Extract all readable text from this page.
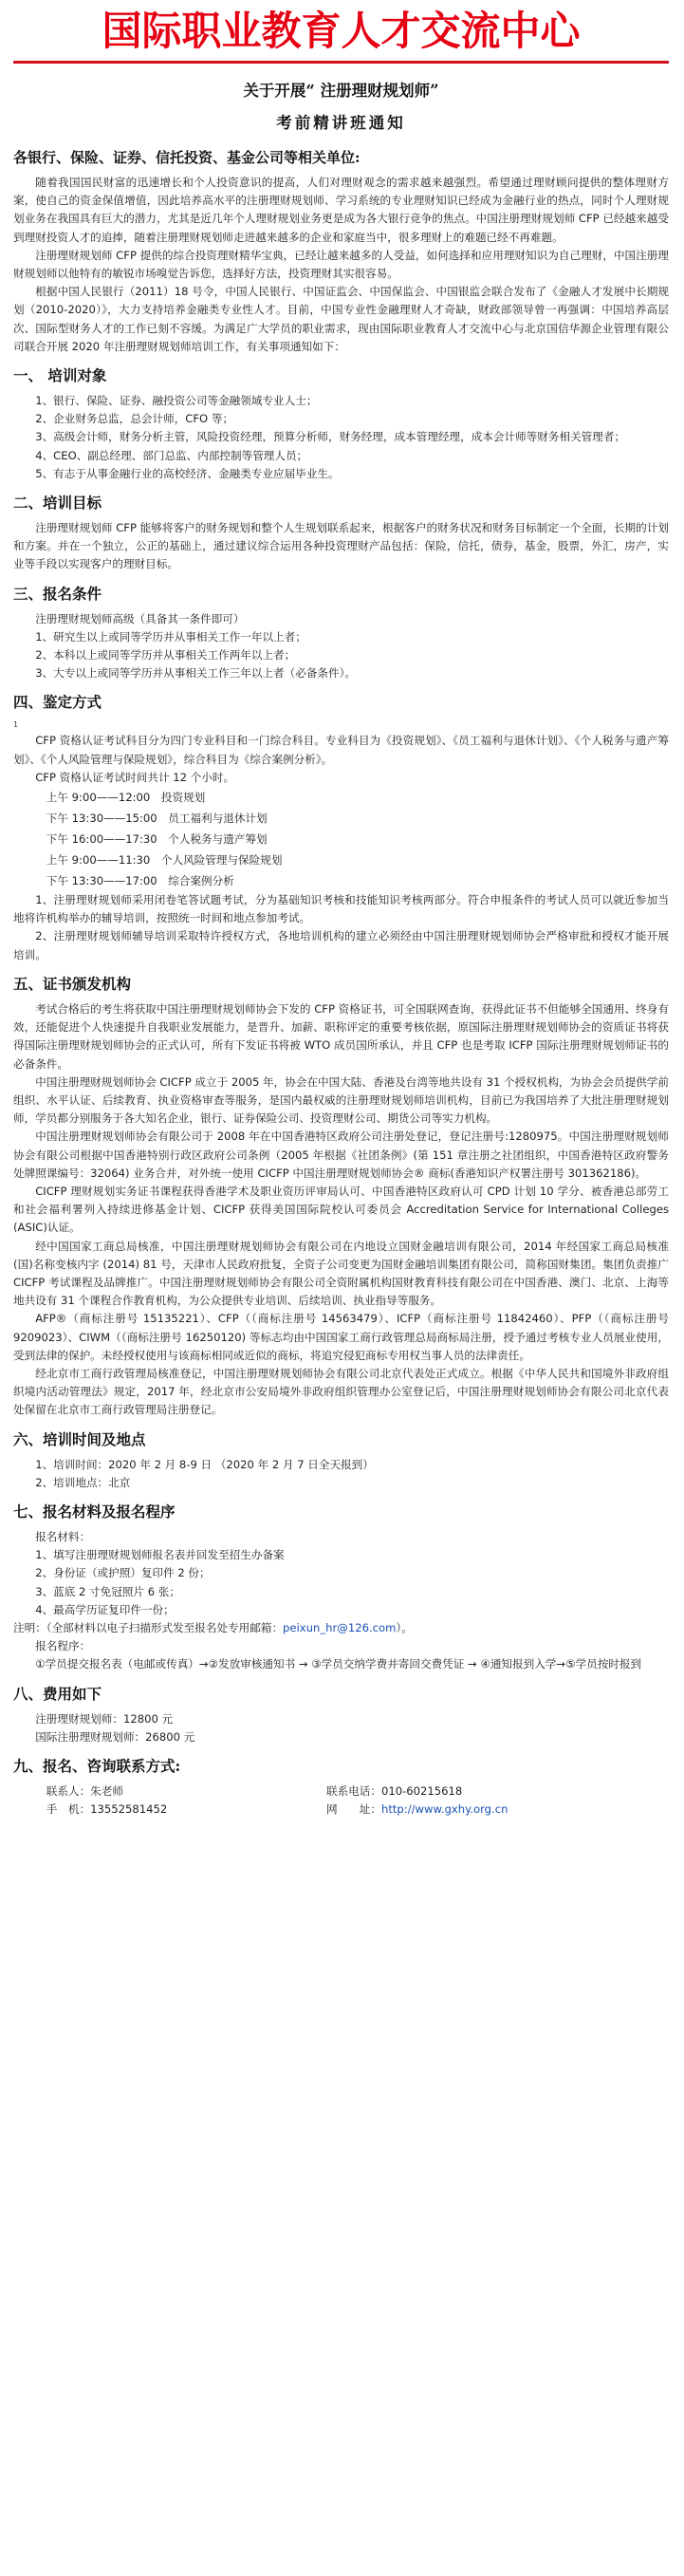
国际职业教育人才交流中心
关于开展“ 注册理财规划师”
考前精讲班通知
各银行、保险、证券、信托投资、基金公司等相关单位:

随着我国国民财富的迅速增长和个人投资意识的提高，人们对理财观念的需求越来越强烈。希望通过理财顾问提供的整体理财方案，使自己的资金保值增值，因此培养高水平的注册理财规划师、学习系统的专业理财知识已经成为金融行业的热点，同时个人理财规划业务在我国具有巨大的潜力，尤其是近几年个人理财规划业务更是成为各大银行竞争的焦点。中国注册理财规划师 CFP 已经越来越受到理财投资人才的追捧，随着注册理财规划师走进越来越多的企业和家庭当中，很多理财上的难题已经不再难题。

注册理财规划师 CFP 提供的综合投资理财精华宝典，已经让越来越多的人受益，如何选择和应用理财知识为自己理财，中国注册理财规划师以他特有的敏锐市场嗅觉告诉您，选择好方法，投资理财其实很容易。

根据中国人民银行（2011）18 号令，中国人民银行、中国证监会、中国保监会、中国银监会联合发布了《金融人才发展中长期规划（2010-2020）》，大力支持培养金融类专业性人才。目前，中国专业性金融理财人才奇缺，财政部领导曾一再强调：中国培养高层次、国际型财务人才的工作已刻不容缓。为满足广大学员的职业需求，现由国际职业教育人才交流中心与北京国信华源企业管理有限公司联合开展 2020 年注册理财规划师培训工作，有关事项通知如下：

一、 培训对象

1、银行、保险、证券、融投资公司等金融领域专业人士；

2、企业财务总监，总会计师，CFO 等；

3、高级会计师，财务分析主管，风险投资经理，预算分析师，财务经理，成本管理经理，成本会计师等财务相关管理者；

4、CEO、副总经理、部门总监、内部控制等管理人员；

5、有志于从事金融行业的高校经济、金融类专业应届毕业生。

二、培训目标

注册理财规划师 CFP 能够将客户的财务规划和整个人生规划联系起来，根据客户的财务状况和财务目标制定一个全面，长期的计划和方案。并在一个独立，公正的基础上，通过建议综合运用各种投资理财产品包括：保险，信托，债券，基金，股票，外汇，房产，实业等手段以实现客户的理财目标。

三、报名条件

注册理财规划师高级（具备其一条件即可）

1、研究生以上或同等学历并从事相关工作一年以上者；

2、本科以上或同等学历并从事相关工作两年以上者；

3、大专以上或同等学历并从事相关工作三年以上者（必备条件）。

四、鉴定方式

1

CFP 资格认证考试科目分为四门专业科目和一门综合科目。专业科目为《投资规划》、《员工福利与退休计划》、《个人税务与遗产筹划》、《个人风险管理与保险规划》，综合科目为《综合案例分析》。

CFP 资格认证考试时间共计 12 个小时。

上午 9:00——12:00　投资规划

下午 13:30——15:00　员工福利与退休计划

下午 16:00——17:30　个人税务与遗产筹划

上午 9:00——11:30　个人风险管理与保险规划

下午 13:30——17:00　综合案例分析

1、注册理财规划师采用闭卷笔答试题考试，分为基础知识考核和技能知识考核两部分。符合申报条件的考试人员可以就近参加当地将许机构举办的辅导培训，按照统一时间和地点参加考试。

2、注册理财规划师辅导培训采取特许授权方式，各地培训机构的建立必须经由中国注册理财规划师协会严格审批和授权才能开展培训。

五、证书颁发机构

考试合格后的考生将获取中国注册理财规划师协会下发的 CFP 资格证书，可全国联网查询，获得此证书不但能够全国通用、终身有效，还能促进个人快速提升自我职业发展能力，是晋升、加薪、职称评定的重要考核依据，原国际注册理财规划师协会的资质证书将获得国际注册理财规划师协会的正式认可，所有下发证书将被 WTO 成员国所承认，并且 CFP 也是考取 ICFP 国际注册理财规划师证书的必备条件。

中国注册理财规划师协会 CICFP 成立于 2005 年，协会在中国大陆、香港及台湾等地共设有 31 个授权机构，为协会会员提供学前组织、水平认证、后续教育、执业资格审查等服务，是国内最权威的注册理财规划师培训机构，目前已为我国培养了大批注册理财规划师，学员都分别服务于各大知名企业，银行、证券保险公司、投资理财公司、期货公司等实力机构。

中国注册理财规划师协会有限公司于 2008 年在中国香港特区政府公司注册处登记，登记注册号:1280975。中国注册理财规划师协会有限公司根据中国香港特别行政区政府公司条例（2005 年根据《社团条例》(第 151 章注册之社团组织，中国香港特区政府警务处牌照课编号：32064) 业务合并，对外统一使用 CICFP 中国注册理财规划师协会® 商标(香港知识产权署注册号 301362186)。

CICFP 理财规划实务证书课程获得香港学术及职业资历评审局认可、中国香港特区政府认可 CPD 计划 10 学分、被香港总部劳工和社会福利署列入持续进修基金计划、CICFP 获得美国国际院校认可委员会 Accreditation Service for International Colleges (ASIC)认证。

经中国国家工商总局核准，中国注册理财规划师协会有限公司在内地设立国财金融培训有限公司，2014 年经国家工商总局核准(国)名称变核内字 (2014) 81 号，天津市人民政府批复，全资子公司变更为国财金融培训集团有限公司，简称国财集团。集团负责推广 CICFP 考试课程及品牌推广。中国注册理财规划师协会有限公司全资附属机构国财教育科技有限公司在中国香港、澳门、北京、上海等地共设有 31 个课程合作教育机构，为公众提供专业培训、后续培训、执业指导等服务。

AFP®（商标注册号 15135221）、CFP（（商标注册号 14563479）、ICFP（商标注册号 11842460）、PFP（（商标注册号 9209023）、CIWM（（商标注册号 16250120) 等标志均由中国国家工商行政管理总局商标局注册，授予通过考核专业人员展业使用，受到法律的保护。未经授权使用与该商标相同或近似的商标，将追究侵犯商标专用权当事人员的法律责任。

经北京市工商行政管理局核准登记，中国注册理财规划师协会有限公司北京代表处正式成立。根据《中华人民共和国境外非政府组织境内活动管理法》规定，2017 年，经北京市公安局境外非政府组织管理办公室登记后，中国注册理财规划师协会有限公司北京代表处保留在北京市工商行政管理局注册登记。

六、培训时间及地点

1、培训时间：2020 年 2 月 8-9 日 （2020 年 2 月 7 日全天报到）

2、培训地点：北京

七、报名材料及报名程序

报名材料：

1、填写注册理财规划师报名表并回发至招生办备案

2、身份证（或护照）复印件 2 份；

3、蓝底 2 寸免冠照片 6 张；

4、最高学历证复印件一份；

注明：（全部材料以电子扫描形式发至报名处专用邮箱：peixun_hr@126.com）。

报名程序：

①学员提交报名表（电邮或传真）→②发放审核通知书 → ③学员交纳学费并寄回交费凭证 → ④通知报到入学→⑤学员按时报到

八、费用如下

注册理财规划师：12800 元

国际注册理财规划师：26800 元

九、报名、咨询联系方式:
联系人：朱老师	联系电话：010-60215618
手　机：13552581452	网　　址：http://www.gxhy.org.cn
